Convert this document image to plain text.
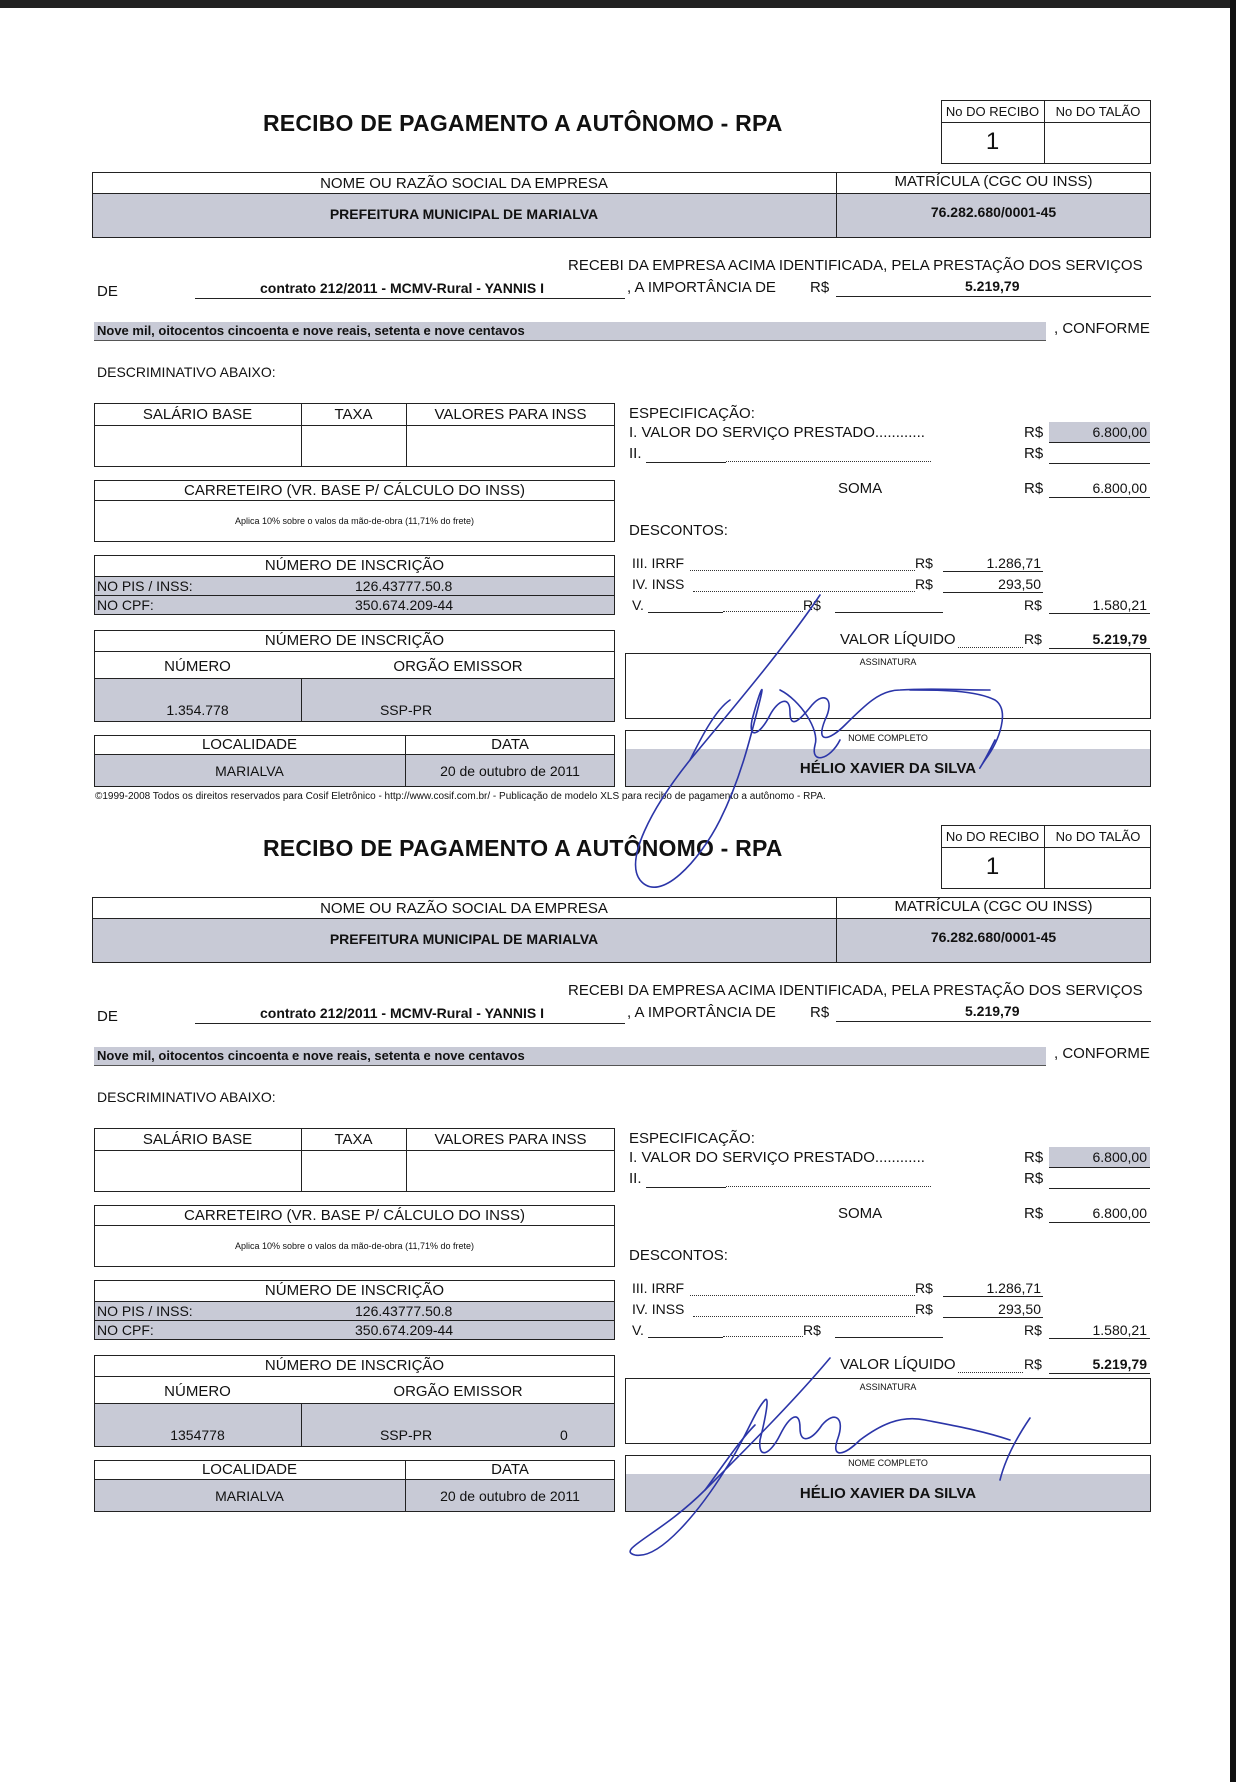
RECIBO DE PAGAMENTO A AUTÔNOMO - RPA	No DO RECIBO	No DO TALÃO
1
NOME OU RAZÃO SOCIAL DA EMPRESA	MATRÍCULA (CGC OU INSS)
PREFEITURA MUNICIPAL DE MARIALVA	76.282.680/0001-45
RECEBI DA EMPRESA ACIMA IDENTIFICADA, PELA PRESTAÇÃO DOS SERVIÇOS
DE	contrato 212/2011 - MCMV-Rural - YANNIS I	, A IMPORTÂNCIA DE R$	5.219,79
Nove mil, oitocentos cincoenta e nove reais, setenta e nove centavos	, CONFORME
DESCRIMINATIVO ABAIXO:
SALÁRIO BASE	TAXA	VALORES PARA INSS
CARRETEIRO (VR. BASE P/ CÁLCULO DO INSS)
Aplica 10% sobre o valos da mão-de-obra (11,71% do frete)
NÚMERO DE INSCRIÇÃO
NO PIS / INSS:	126.43777.50.8
NO CPF:	350.674.209-44
NÚMERO DE INSCRIÇÃO
NÚMERO	ORGÃO EMISSOR
1.354.778	SSP-PR
LOCALIDADE	DATA
MARIALVA	20 de outubro de 2011
ESPECIFICAÇÃO:
I. VALOR DO SERVIÇO PRESTADO............	R$	6.800,00
II.	R$
SOMA	R$	6.800,00
DESCONTOS:
III. IRRF	R$	1.286,71
IV. INSS	R$	293,50
V.	R$	R$	1.580,21
VALOR LÍQUIDO	R$	5.219,79
ASSINATURA
NOME COMPLETO
HÉLIO XAVIER DA SILVA
©1999-2008 Todos os direitos reservados para Cosif Eletrônico - http://www.cosif.com.br/ - Publicação de modelo XLS para recibo de pagamento a autônomo - RPA.
RECIBO DE PAGAMENTO A AUTÔNOMO - RPA	No DO RECIBO	No DO TALÃO
1
NOME OU RAZÃO SOCIAL DA EMPRESA	MATRÍCULA (CGC OU INSS)
PREFEITURA MUNICIPAL DE MARIALVA	76.282.680/0001-45
RECEBI DA EMPRESA ACIMA IDENTIFICADA, PELA PRESTAÇÃO DOS SERVIÇOS
DE	contrato 212/2011 - MCMV-Rural - YANNIS I	, A IMPORTÂNCIA DE R$	5.219,79
Nove mil, oitocentos cincoenta e nove reais, setenta e nove centavos	, CONFORME
DESCRIMINATIVO ABAIXO:
SALÁRIO BASE	TAXA	VALORES PARA INSS
CARRETEIRO (VR. BASE P/ CÁLCULO DO INSS)
Aplica 10% sobre o valos da mão-de-obra (11,71% do frete)
NÚMERO DE INSCRIÇÃO
NO PIS / INSS:	126.43777.50.8
NO CPF:	350.674.209-44
NÚMERO DE INSCRIÇÃO
NÚMERO	ORGÃO EMISSOR
1354778	SSP-PR	0
LOCALIDADE	DATA
MARIALVA	20 de outubro de 2011
ESPECIFICAÇÃO:
I. VALOR DO SERVIÇO PRESTADO............	R$	6.800,00
II.	R$
SOMA	R$	6.800,00
DESCONTOS:
III. IRRF	R$	1.286,71
IV. INSS	R$	293,50
V.	R$	R$	1.580,21
VALOR LÍQUIDO	R$	5.219,79
ASSINATURA
NOME COMPLETO
HÉLIO XAVIER DA SILVA
